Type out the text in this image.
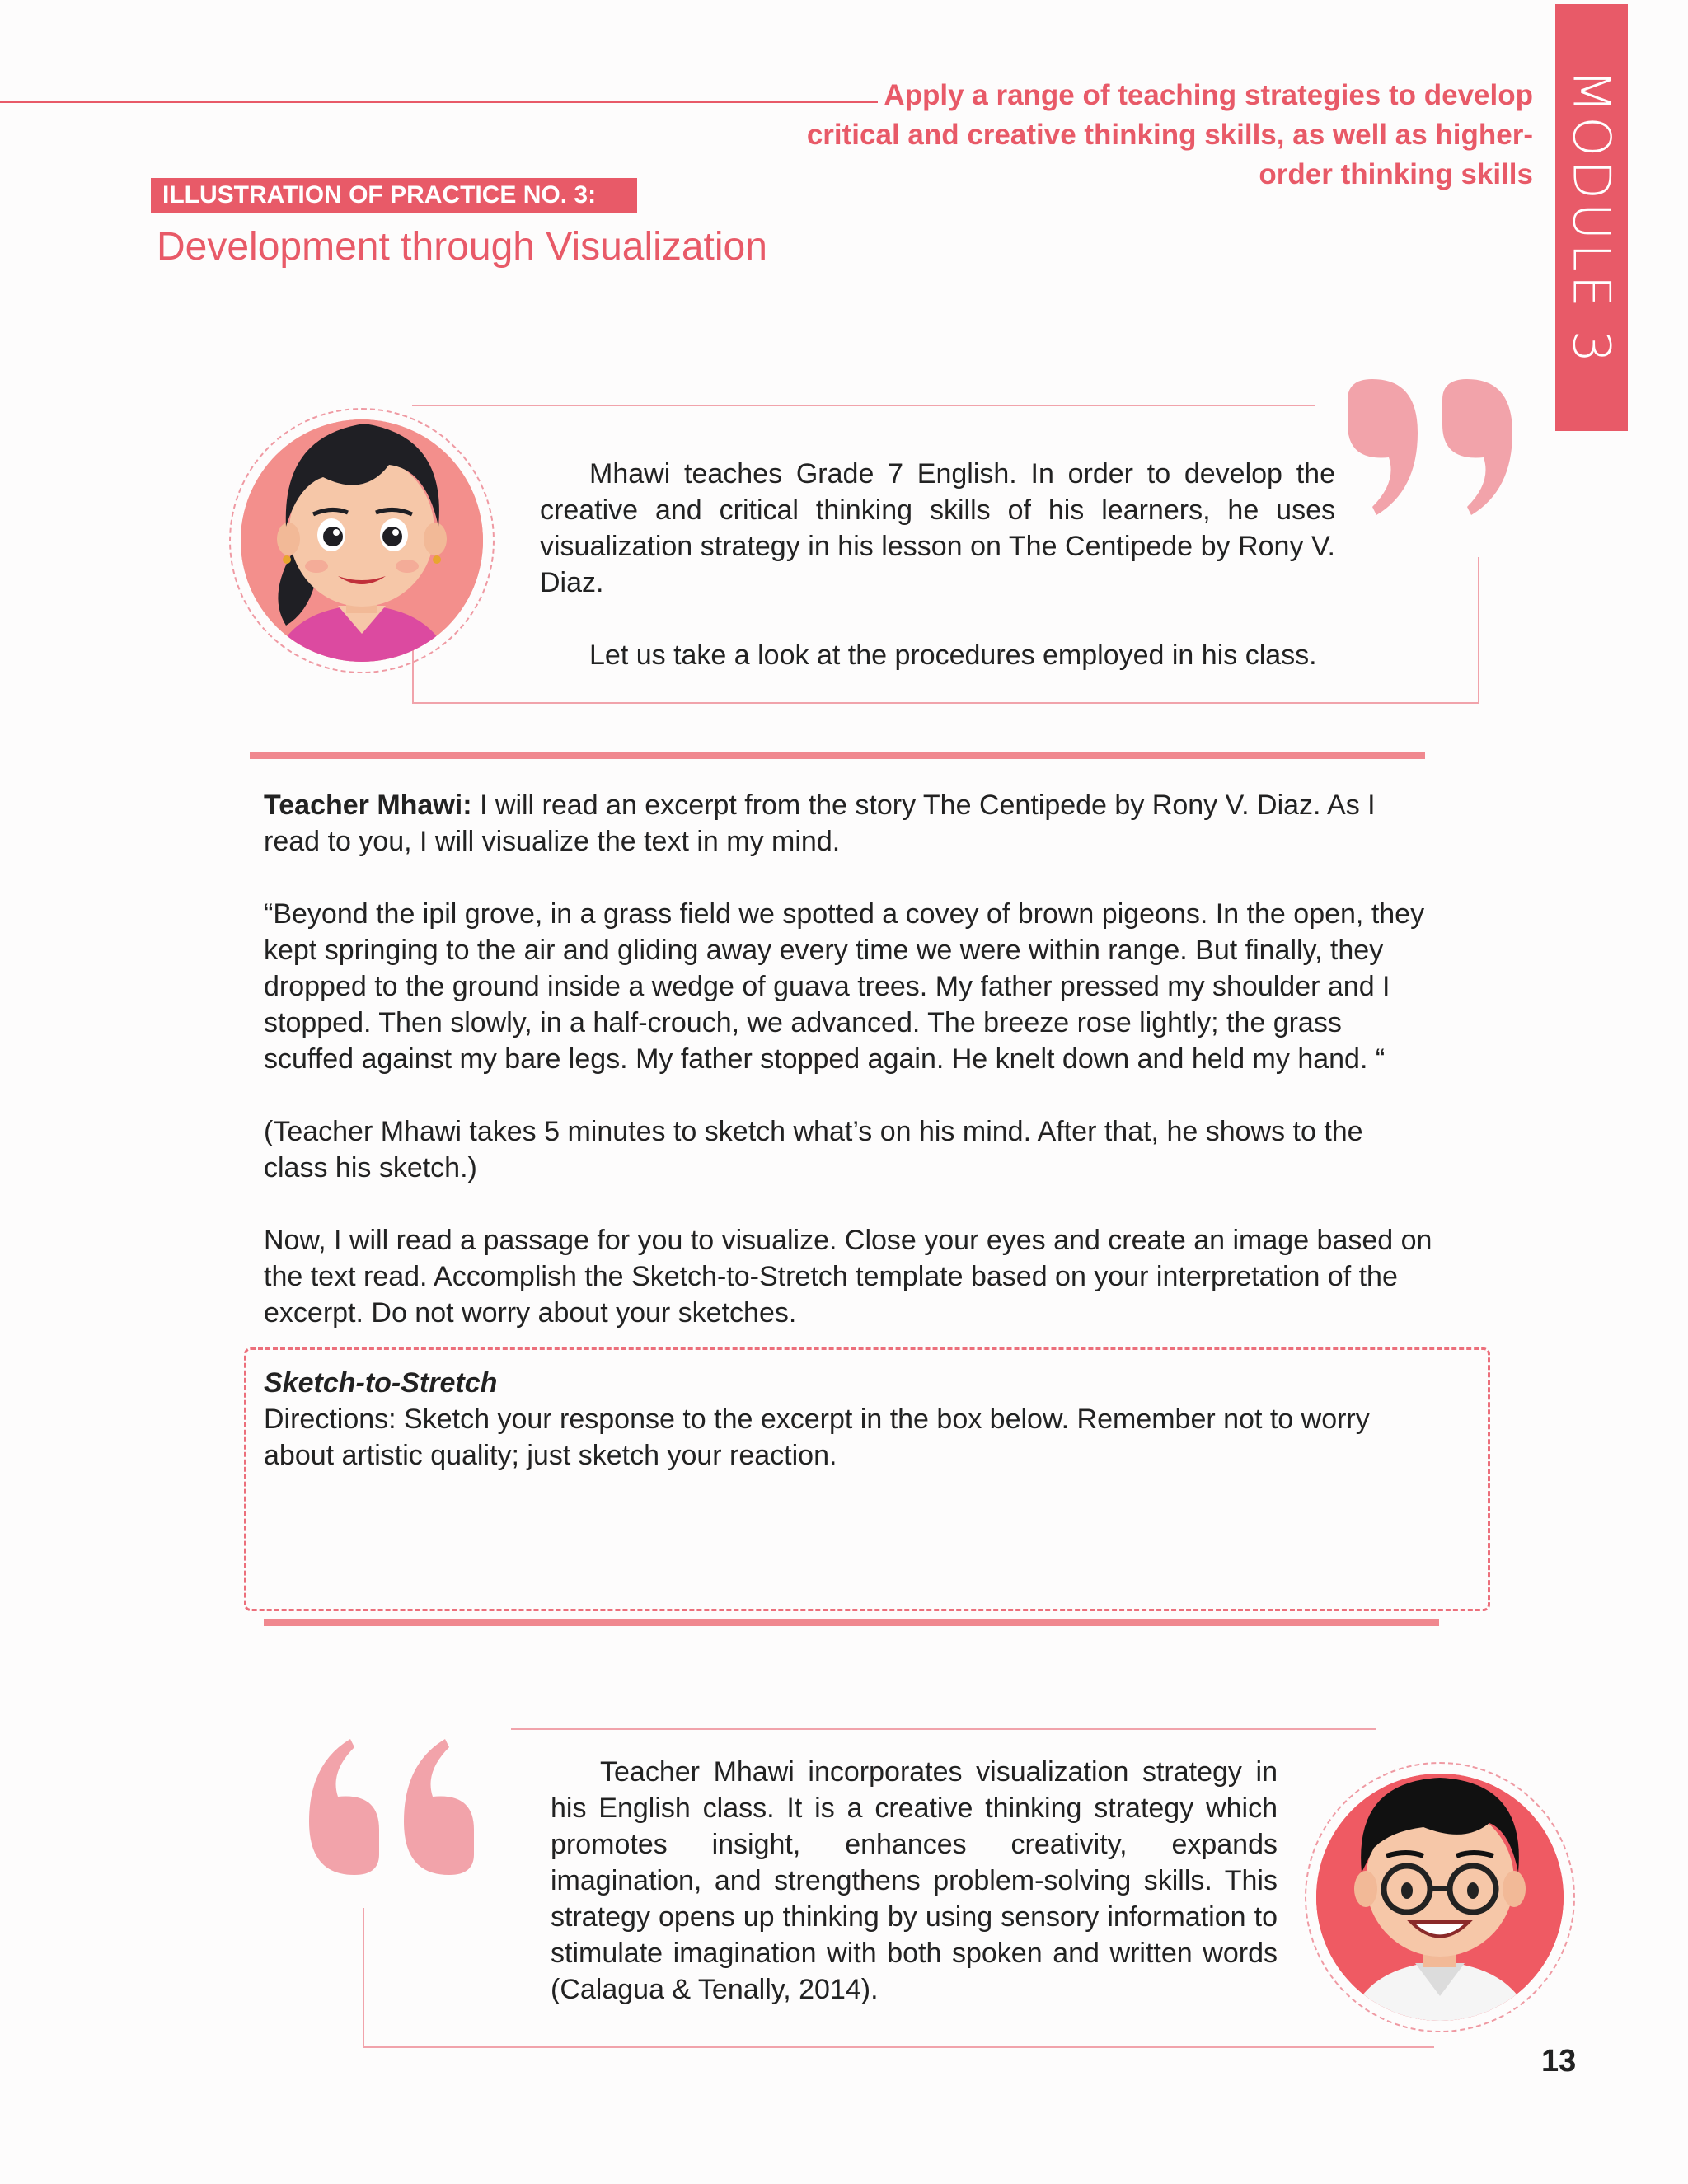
Apply a range of teaching strategies to develop critical and creative thinking skills, as well as higher-order thinking skills MODULE 3
ILLUSTRATION OF PRACTICE NO. 3:
Development through Visualization

Mhawi teaches Grade 7 English. In order to develop the creative and critical thinking skills of his learners, he uses visualization strategy in his lesson on The Centipede by Rony V. Diaz.

Let us take a look at the procedures employed in his class.

Teacher Mhawi: I will read an excerpt from the story The Centipede by Rony V. Diaz. As I read to you, I will visualize the text in my mind.

“Beyond the ipil grove, in a grass field we spotted a covey of brown pigeons. In the open, they kept springing to the air and gliding away every time we were within range. But finally, they dropped to the ground inside a wedge of guava trees. My father pressed my shoulder and I stopped. Then slowly, in a half-crouch, we advanced. The breeze rose lightly; the grass scuffed against my bare legs. My father stopped again. He knelt down and held my hand. “

(Teacher Mhawi takes 5 minutes to sketch what’s on his mind. After that, he shows to the class his sketch.)

Now, I will read a passage for you to visualize. Close your eyes and create an image based on the text read. Accomplish the Sketch-to-Stretch template based on your interpretation of the excerpt. Do not worry about your sketches.

Sketch-to-Stretch
Directions: Sketch your response to the excerpt in the box below. Remember not to worry about artistic quality; just sketch your reaction.

Teacher Mhawi incorporates visualization strategy in his English class. It is a creative thinking strategy which promotes insight, enhances creativity, expands imagination, and strengthens problem-solving skills. This strategy opens up thinking by using sensory information to stimulate imagination with both spoken and written words (Calagua & Tenally, 2014).

13
